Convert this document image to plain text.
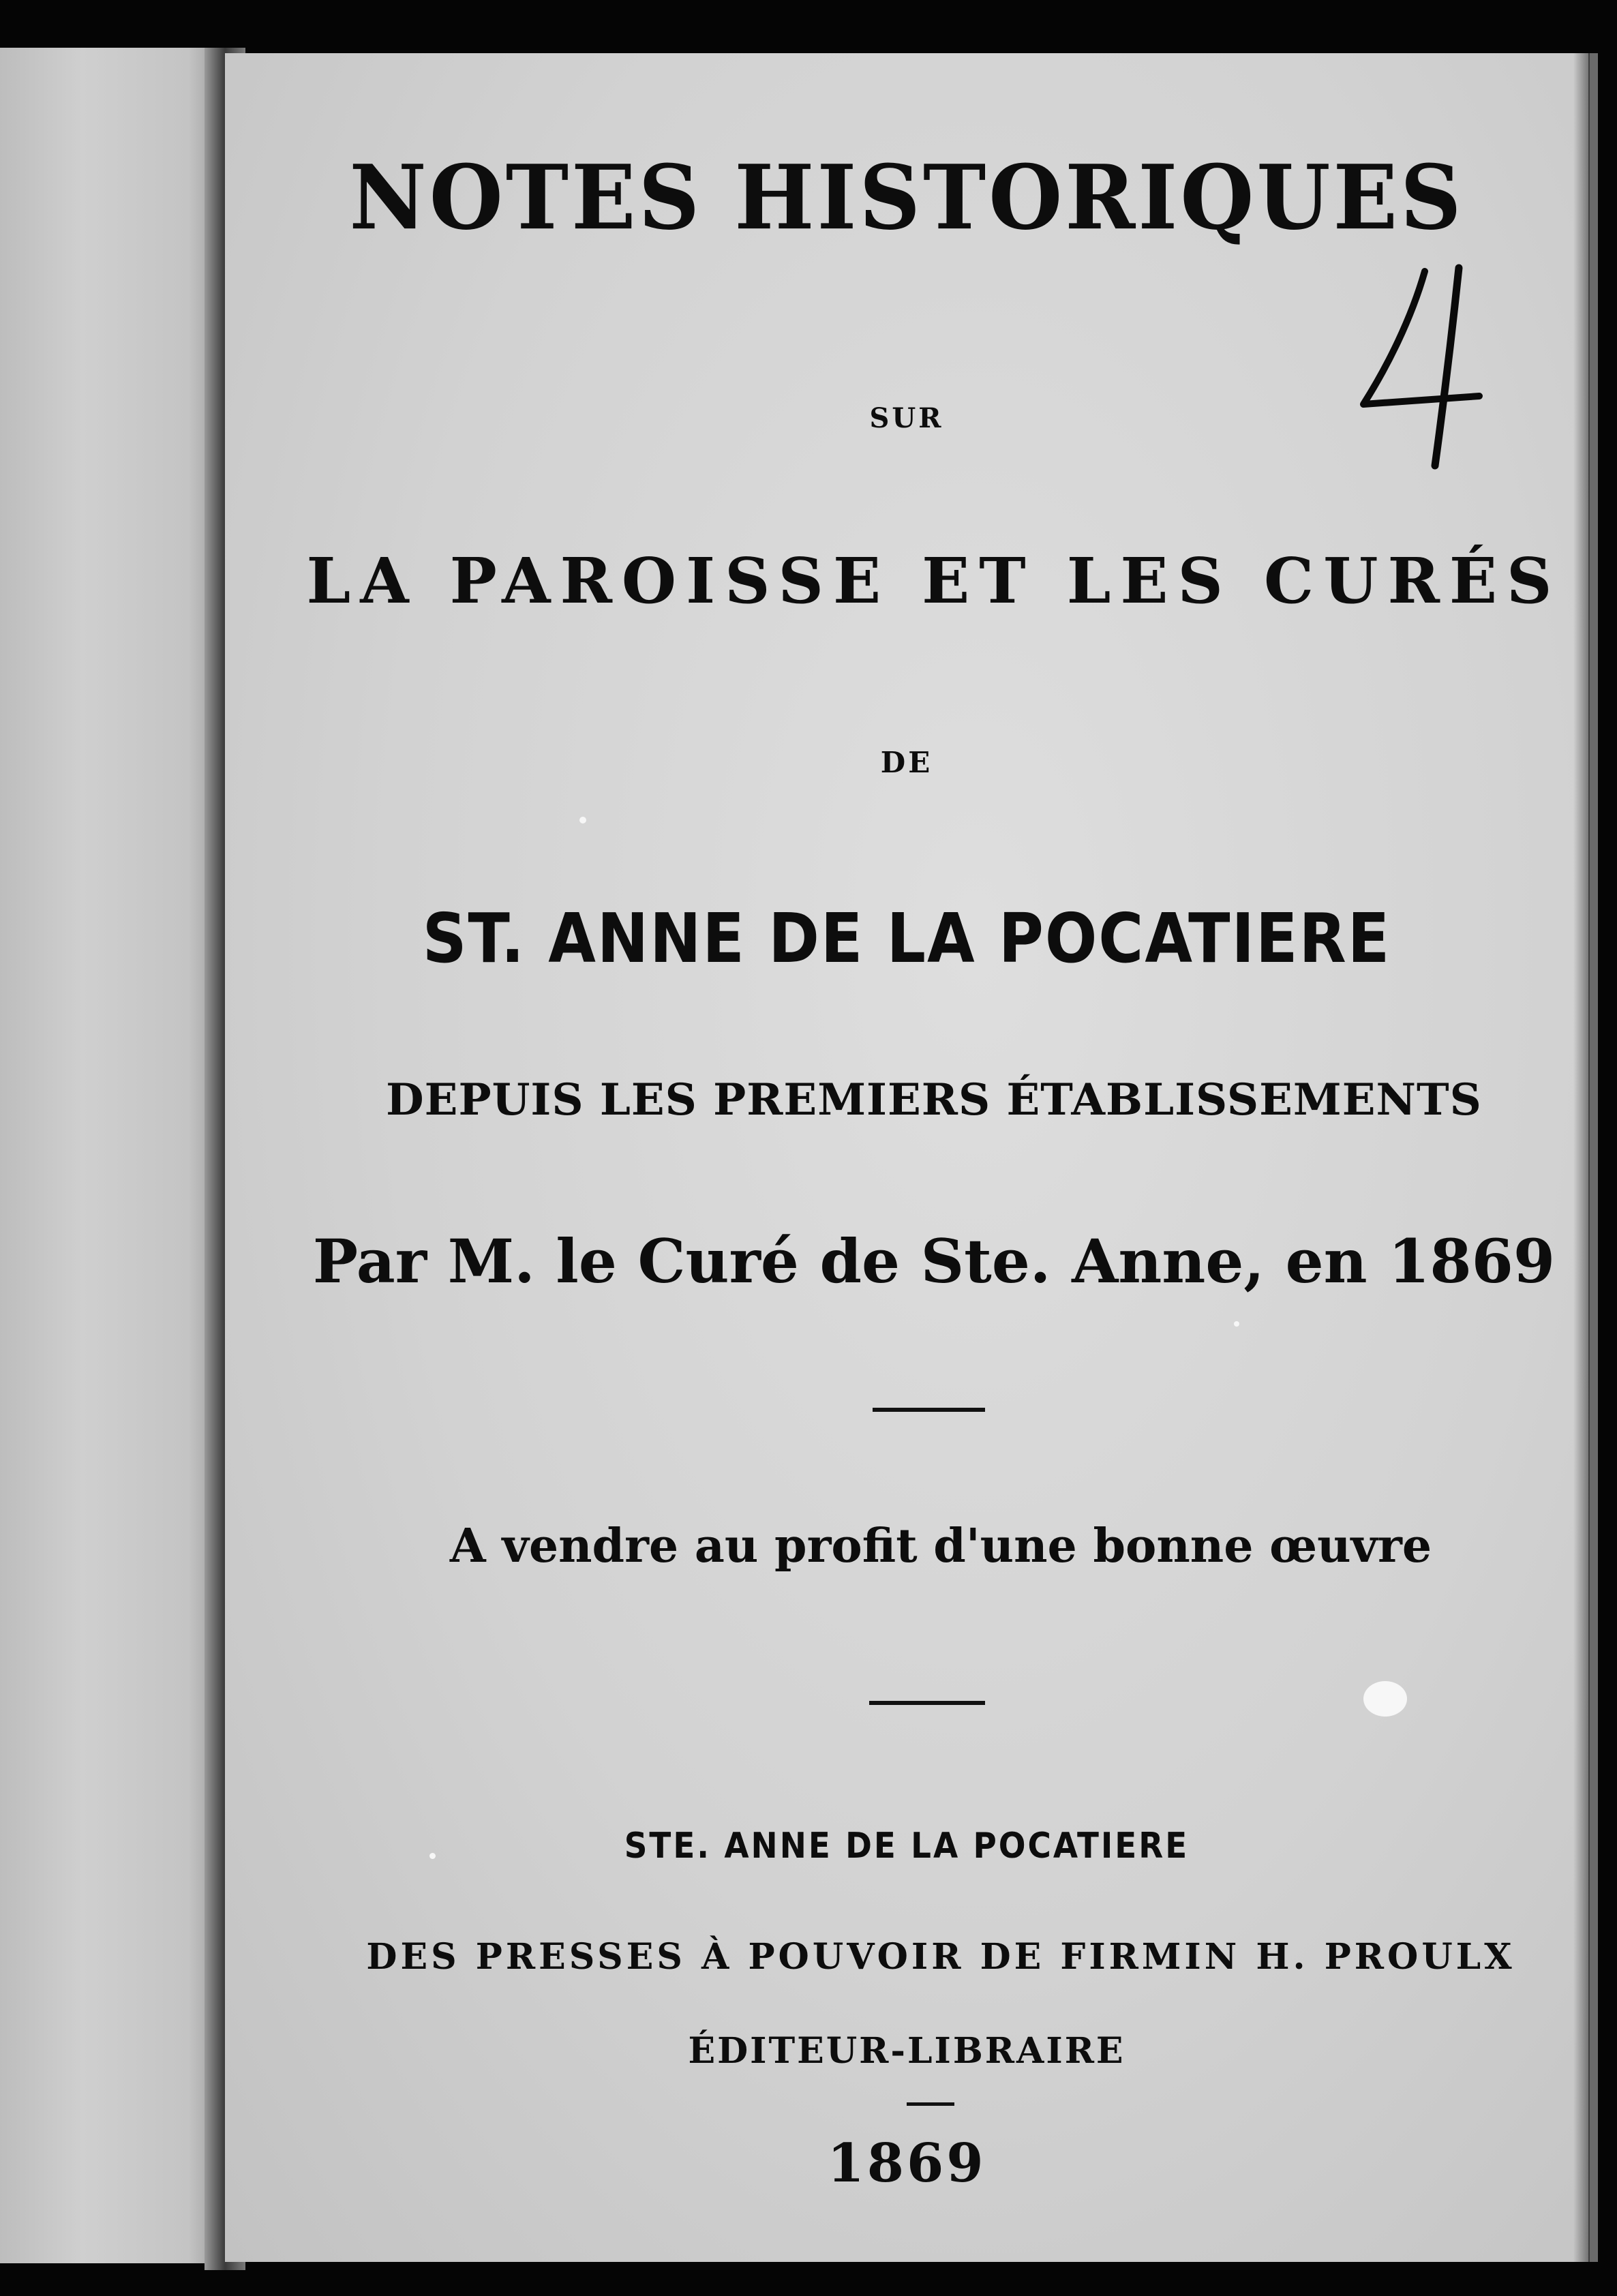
NOTES HISTORIQUES
SUR
LA PAROISSE ET LES CURÉS
DE
ST. ANNE DE LA POCATIERE
DEPUIS LES PREMIERS ÉTABLISSEMENTS
Par M. le Curé de Ste. Anne, en 1869
A vendre au profit d'une bonne œuvre
STE. ANNE DE LA POCATIERE
DES PRESSES À POUVOIR DE FIRMIN H. PROULX
ÉDITEUR-LIBRAIRE
1869
